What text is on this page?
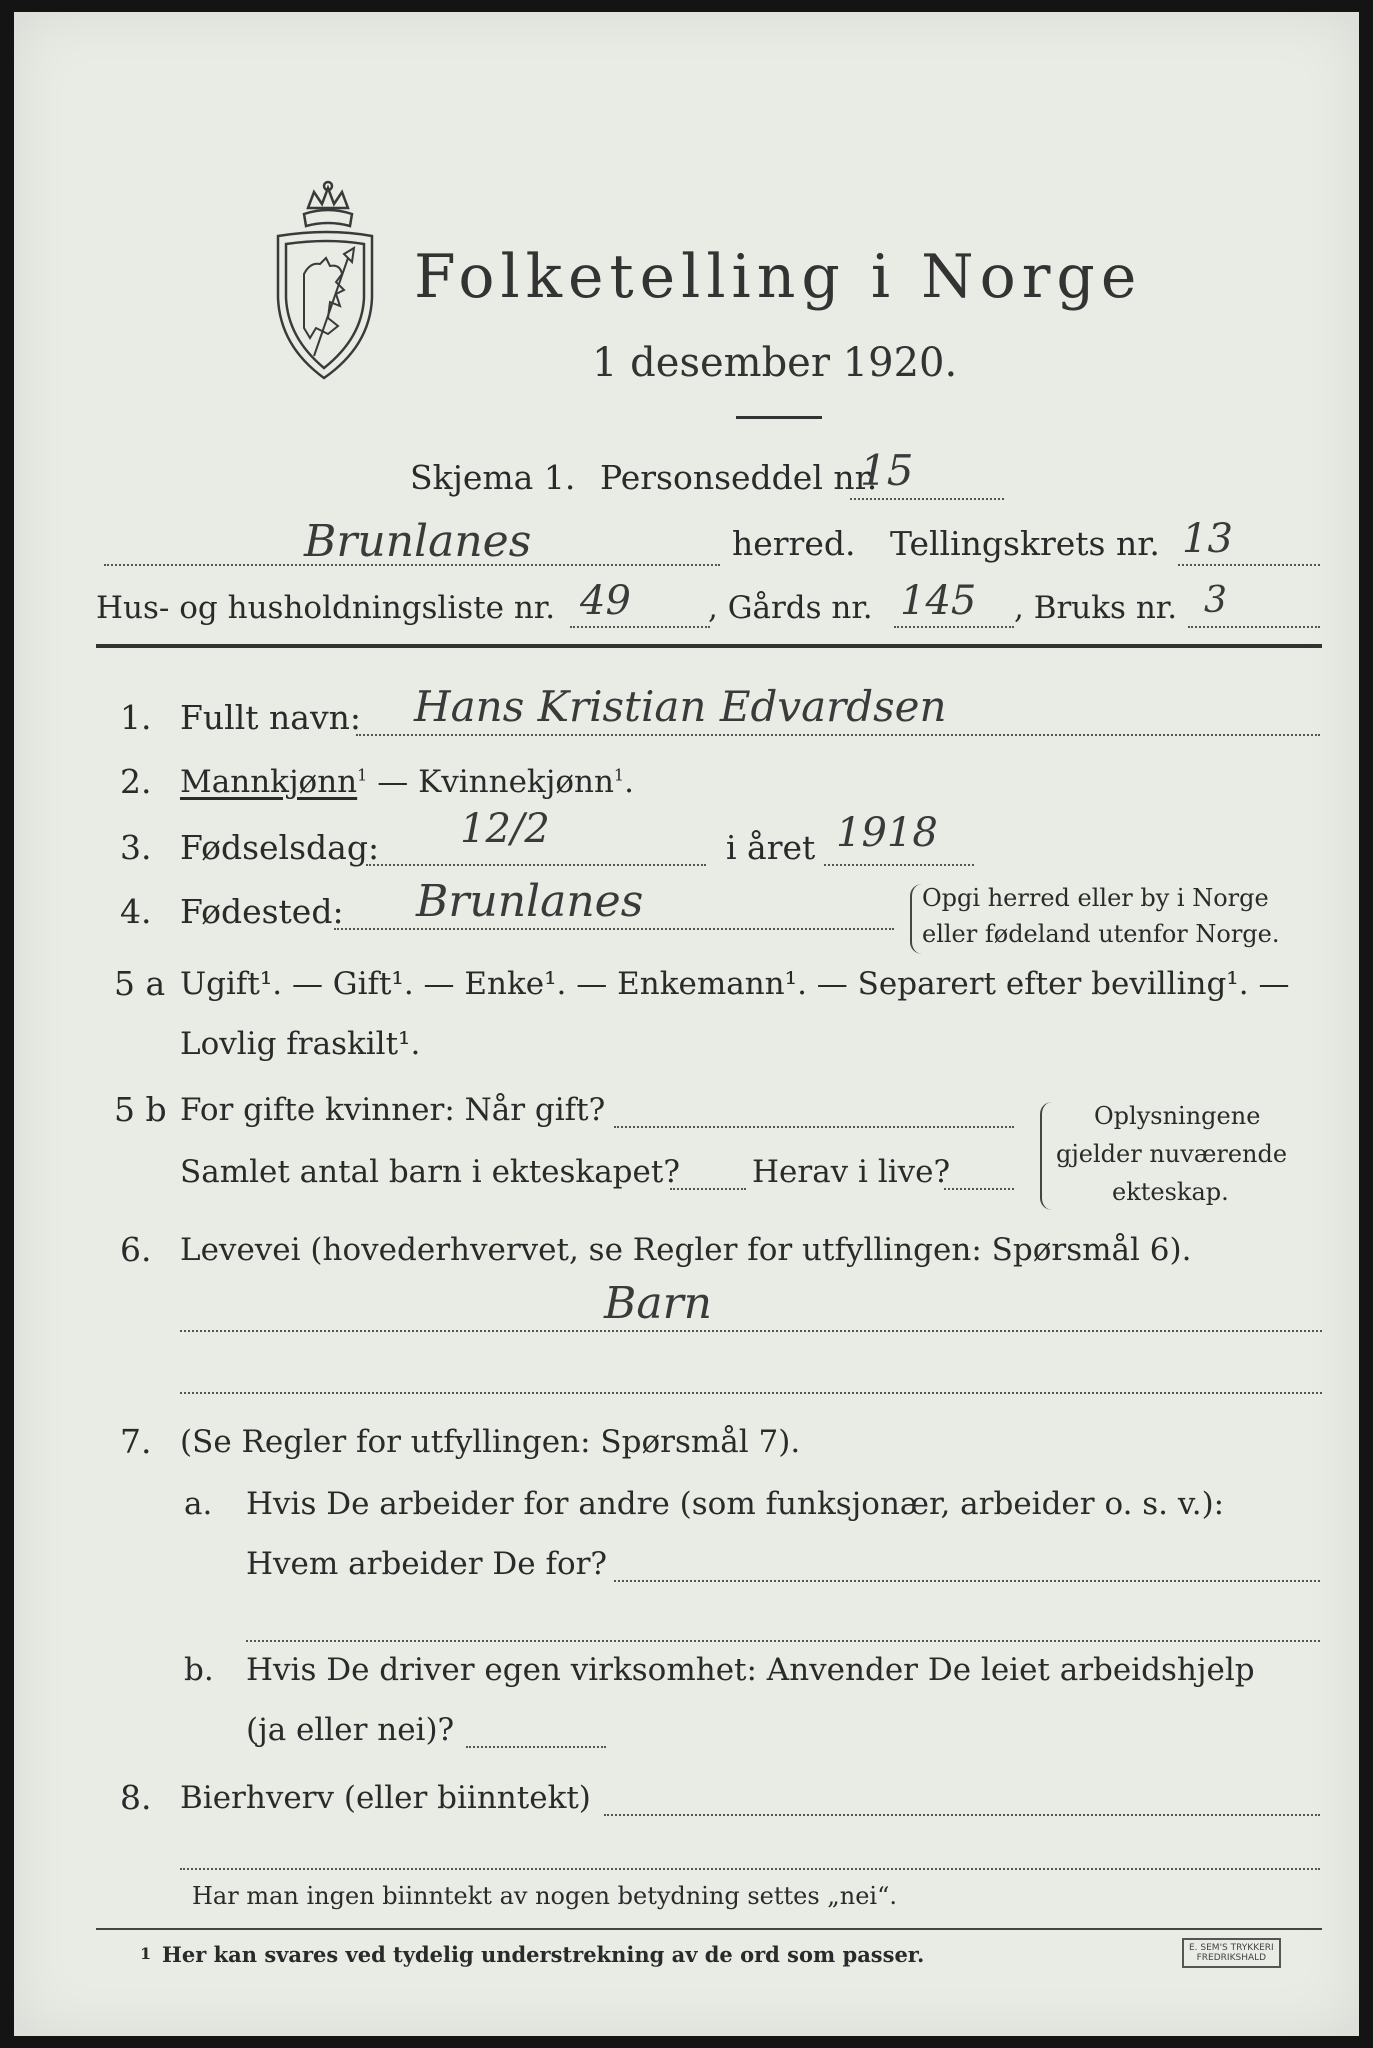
Folketelling i Norge
1 desember 1920.
Skjema 1. Personseddel nr.
15
Brunlanes	herred. Tellingskrets nr. 13
Hus- og husholdningsliste nr. 49 , Gårds nr. 145 , Bruks nr. 3
1. Fullt navn: Hans Kristian Edvardsen
2. Mannkjønn$^1$ — Kvinnekjønn$^1$.
3. Fødselsdag: 12/2	i året 1918
4. Fødested: Brunlanes	Opgi herred eller by i Norge
eller fødeland utenfor Norge.
5 a Ugift¹. — Gift¹. — Enke¹. — Enkemann¹. — Separert efter bevilling¹. —
Lovlig fraskilt¹.
5 b For gifte kvinner: Når gift?
Samlet antal barn i ekteskapet? Herav i live?
Oplysningene
gjelder nuværende
ekteskap.
6. Levevei (hovederhvervet, se Regler for utfyllingen: Spørsmål 6).
Barn
7. (Se Regler for utfyllingen: Spørsmål 7).
a. Hvis De arbeider for andre (som funksjonær, arbeider o. s. v.):
Hvem arbeider De for?
b. Hvis De driver egen virksomhet: Anvender De leiet arbeidshjelp
(ja eller nei)?
8. Bierhverv (eller biinntekt)
Har man ingen biinntekt av nogen betydning settes „nei“.
1 Her kan svares ved tydelig understrekning av de ord som passer.	E. SEM'S TRYKKERI
FREDRIKSHALD
